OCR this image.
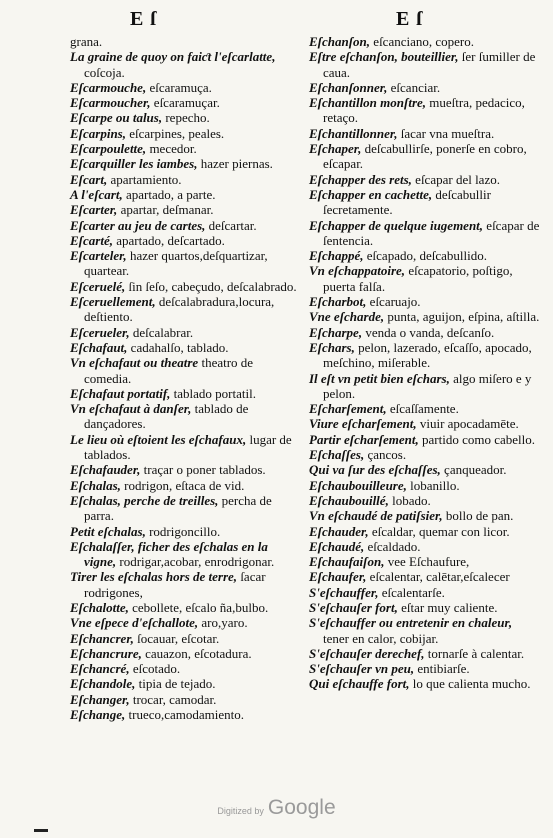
E ſ	E ſ

grana.

La graine de quoy on faiƈt l'eſcarlatte, coſcoja.

Eſcarmouche, eſcaramuça.

Eſcarmoucher, eſcaramuçar.

Eſcarpe ou talus, repecho.

Eſcarpins, eſcarpines, peales.

Eſcarpoulette, mecedor.

Eſcarquiller les iambes, hazer piernas.

Eſcart, apartamiento.

A l'eſcart, apartado, a parte.

Eſcarter, apartar, deſmanar.

Eſcarter au jeu de cartes, deſcartar.

Eſcarté, apartado, deſcartado.

Eſcarteler, hazer quartos,deſquartizar, quartear.

Eſceruelé, ſin ſeſo, cabeçudo, deſcalabrado.

Eſceruellement, deſcalabradura,locura, deſtiento.

Eſcerueler, deſcalabrar.

Eſchafaut, cadahalſo, tablado.

Vn eſchafaut ou theatre theatro de comedia.

Eſchafaut portatif, tablado portatil.

Vn eſchafaut à danſer, tablado de danҫadores.

Le lieu où eſtoient les eſchafaux, lugar de tablados.

Eſchafauder, traçar o poner tablados.

Eſchalas, rodrigon, eſtaca de vid.

Eſchalas, perche de treilles, percha de parra.

Petit eſchalas, rodrigoncillo.

Eſchalaſſer, ficher des eſchalas en la vigne, rodrigar,acobar, enrodrigonar.

Tirer les eſchalas hors de terre, ſacar rodrigones,

Eſchalotte, cebollete, eſcalo ña,bulbo.

Vne eſpece d'eſchallote, aro,yaro.

Eſchancrer, ſocauar, eſcotar.

Eſchancrure, cauazon, eſcotadura.

Eſchancré, eſcotado.

Eſchandole, tipia de tejado.

Eſchanger, trocar, camodar.

Eſchange, trueco,camodamiento.

Eſchanſon, eſcanciano, copero.

Eſtre eſchanſon, bouteillier, ſer ſumiller de caua.

Eſchanſonner, eſcanciar.

Eſchantillon monſtre, mueſtra, pedacico, retaço.

Eſchantillonner, ſacar vna mueſtra.

Eſchaper, deſcabullirſe, ponerſe en cobro, eſcapar.

Eſchapper des rets, eſcapar del lazo.

Eſchapper en cachette, deſcabullir ſecretamente.

Eſchapper de quelque iugement, eſcapar de ſentencia.

Eſchappé, eſcapado, deſcabullido.

Vn eſchappatoire, eſcapatorio, poſtigo, puerta falſa.

Eſcharbot, eſcaruajo.

Vne eſcharde, punta, aguijon, eſpina, aſtilla.

Eſcharpe, venda o vanda, deſcanſo.

Eſchars, pelon, lazerado, eſcaſſo, apocado, meſchino, miſerable.

Il eſt vn petit bien eſchars, algo miſero e y pelon.

Eſcharſement, eſcaſſamente.

Viure eſcharſement, viuir apocadamēte.

Partir eſcharſement, partido como cabello.

Eſchaſſes, çancos.

Qui va ſur des eſchaſſes, çanqueador.

Eſchaubouilleure, lobanillo.

Eſchaubouillé, lobado.

Vn eſchaudé de patiſsier, bollo de pan.

Eſchauder, eſcaldar, quemar con licor.

Eſchaudé, eſcaldado.

Eſchaufaiſon, vee Eſchaufure,

Eſchaufer, eſcalentar, calētar,eſcalecer

S'eſchauffer, eſcalentarſe.

S'eſchauſer fort, eſtar muy caliente.

S'eſchauffer ou entretenir en chaleur, tener en calor, cobijar.

S'eſchauſer derechef, tornarſe à calentar.

S'eſchauſer vn peu, entibiarſe.

Qui eſchauffe fort, lo que calienta mucho.

Digitized by Google
